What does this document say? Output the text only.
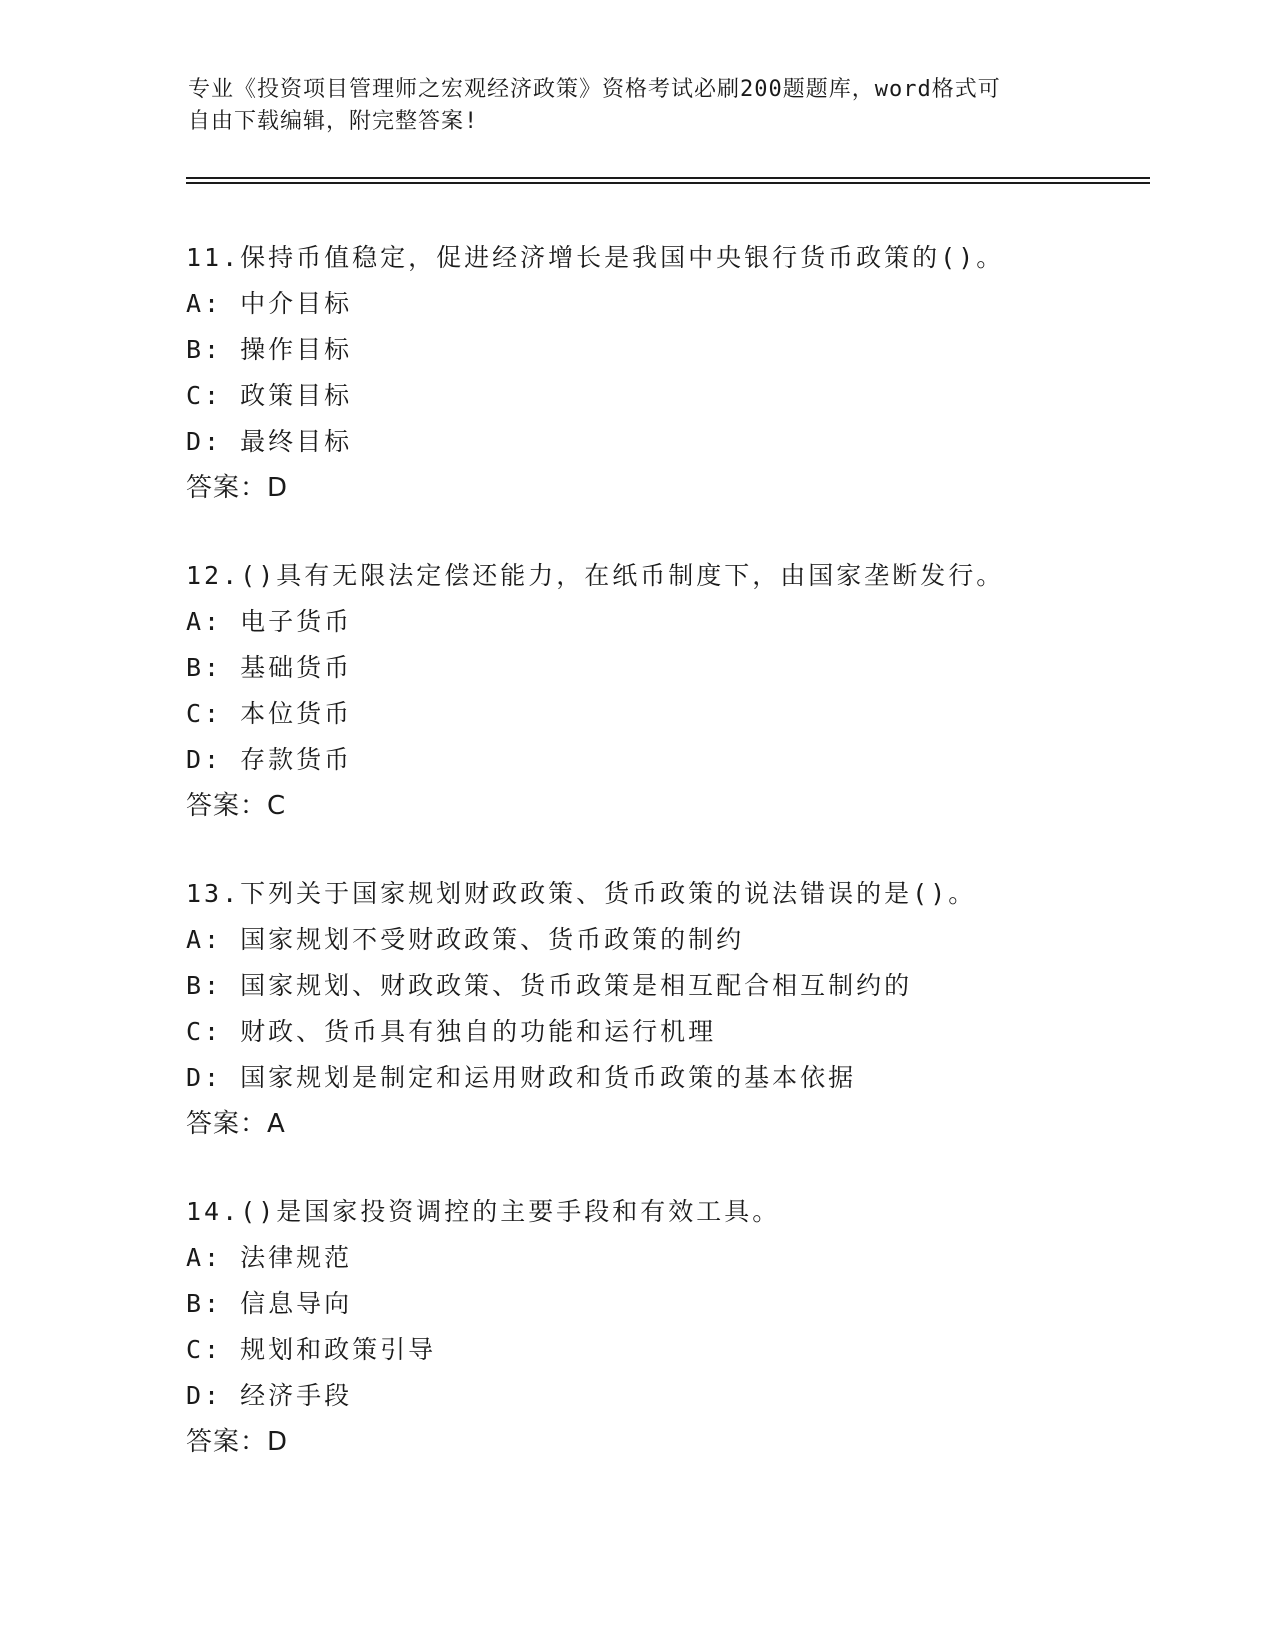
专业《投资项目管理师之宏观经济政策》资格考试必刷200题题库，word格式可
自由下载编辑，附完整答案!
11.保持币值稳定，促进经济增长是我国中央银行货币政策的()。
A: 中介目标
B: 操作目标
C: 政策目标
D: 最终目标
答案：D
12.()具有无限法定偿还能力，在纸币制度下，由国家垄断发行。
A: 电子货币
B: 基础货币
C: 本位货币
D: 存款货币
答案：C
13.下列关于国家规划财政政策、货币政策的说法错误的是()。
A: 国家规划不受财政政策、货币政策的制约
B: 国家规划、财政政策、货币政策是相互配合相互制约的
C: 财政、货币具有独自的功能和运行机理
D: 国家规划是制定和运用财政和货币政策的基本依据
答案：A
14.()是国家投资调控的主要手段和有效工具。
A: 法律规范
B: 信息导向
C: 规划和政策引导
D: 经济手段
答案：D
